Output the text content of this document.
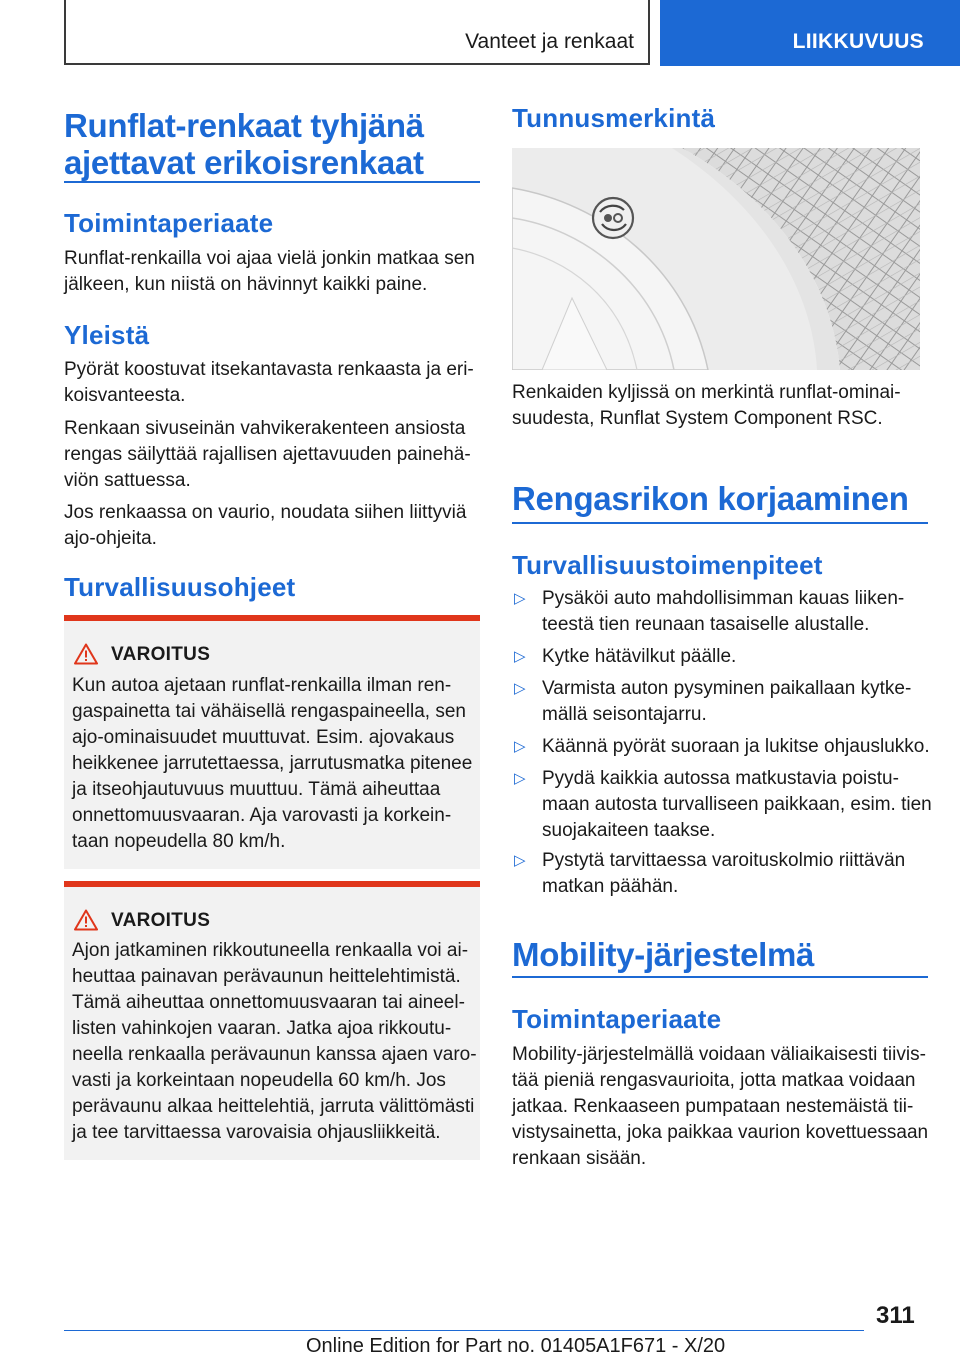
Vanteet ja renkaat	LIIKKUVUUS
Runflat-renkaat tyhjänä
ajettavat erikoisrenkaat
Toimintaperiaate
Runflat-renkailla voi ajaa vielä jonkin matkaa sen
jälkeen, kun niistä on hävinnyt kaikki paine.
Yleistä
Pyörät koostuvat itsekantavasta renkaasta ja eri-
koisvanteesta.
Renkaan sivuseinän vahvikerakenteen ansiosta
rengas säilyttää rajallisen ajettavuuden painehä-
viön sattuessa.
Jos renkaassa on vaurio, noudata siihen liittyviä
ajo-ohjeita.
Turvallisuusohjeet
VAROITUS
Kun autoa ajetaan runflat-renkailla ilman ren-
gaspainetta tai vähäisellä rengaspaineella, sen
ajo-ominaisuudet muuttuvat. Esim. ajovakaus
heikkenee jarrutettaessa, jarrutusmatka pitenee
ja itseohjautuvuus muuttuu. Tämä aiheuttaa
onnettomuusvaaran. Aja varovasti ja korkein-
taan nopeudella 80 km/h.
VAROITUS
Ajon jatkaminen rikkoutuneella renkaalla voi ai-
heuttaa painavan perävaunun heittelehtimistä.
Tämä aiheuttaa onnettomuusvaaran tai aineel-
listen vahinkojen vaaran. Jatka ajoa rikkoutu-
neella renkaalla perävaunun kanssa ajaen varo-
vasti ja korkeintaan nopeudella 60 km/h. Jos
perävaunu alkaa heittelehtiä, jarruta välittömästi
ja tee tarvittaessa varovaisia ohjausliikkeitä.
Tunnusmerkintä
Renkaiden kyljissä on merkintä runflat-ominai-
suudesta, Runflat System Component RSC.
Rengasrikon korjaaminen
Turvallisuustoimenpiteet
▷ Pysäköi auto mahdollisimman kauas liiken-
teestä tien reunaan tasaiselle alustalle.
▷ Kytke hätävilkut päälle.
▷ Varmista auton pysyminen paikallaan kytke-
mällä seisontajarru.
▷ Käännä pyörät suoraan ja lukitse ohjauslukko.
▷ Pyydä kaikkia autossa matkustavia poistu-
maan autosta turvalliseen paikkaan, esim. tien
suojakaiteen taakse.
▷ Pystytä tarvittaessa varoituskolmio riittävän
matkan päähän.
Mobility-järjestelmä
Toimintaperiaate
Mobility-järjestelmällä voidaan väliaikaisesti tiivis-
tää pieniä rengasvaurioita, jotta matkaa voidaan
jatkaa. Renkaaseen pumpataan nestemäistä tii-
vistysainetta, joka paikkaa vaurion kovettuessaan
renkaan sisään.
311
Online Edition for Part no. 01405A1F671 - X/20
